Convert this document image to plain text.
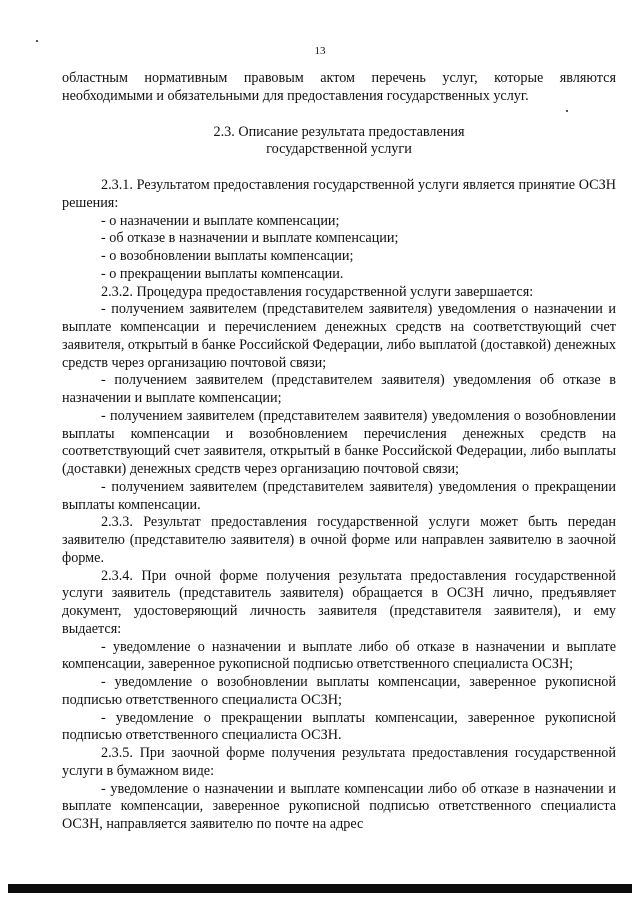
13

областным нормативным правовым актом перечень услуг, которые являются необходимыми и обязательными для предоставления государственных услуг.

2.3. Описание результата предоставления
государственной услуги

2.3.1. Результатом предоставления государственной услуги является принятие ОСЗН решения:

- о назначении и выплате компенсации;

- об отказе в назначении и выплате компенсации;

- о возобновлении выплаты компенсации;

- о прекращении выплаты компенсации.

2.3.2. Процедура предоставления государственной услуги завершается:

- получением заявителем (представителем заявителя) уведомления о назначении и выплате компенсации и перечислением денежных средств на соответствующий счет заявителя, открытый в банке Российской Федерации, либо выплатой (доставкой) денежных средств через организацию почтовой связи;

- получением заявителем (представителем заявителя) уведомления об отказе в назначении и выплате компенсации;

- получением заявителем (представителем заявителя) уведомления о возобновлении выплаты компенсации и возобновлением перечисления денежных средств на соответствующий счет заявителя, открытый в банке Российской Федерации, либо выплаты (доставки) денежных средств через организацию почтовой связи;

- получением заявителем (представителем заявителя) уведомления о прекращении выплаты компенсации.

2.3.3. Результат предоставления государственной услуги может быть передан заявителю (представителю заявителя) в очной форме или направлен заявителю в заочной форме.

2.3.4. При очной форме получения результата предоставления государственной услуги заявитель (представитель заявителя) обращается в ОСЗН лично, предъявляет документ, удостоверяющий личность заявителя (представителя заявителя), и ему выдается:

- уведомление о назначении и выплате либо об отказе в назначении и выплате компенсации, заверенное рукописной подписью ответственного специалиста ОСЗН;

- уведомление о возобновлении выплаты компенсации, заверенное рукописной подписью ответственного специалиста ОСЗН;

- уведомление о прекращении выплаты компенсации, заверенное рукописной подписью ответственного специалиста ОСЗН.

2.3.5. При заочной форме получения результата предоставления государственной услуги в бумажном виде:

- уведомление о назначении и выплате компенсации либо об отказе в назначении и выплате компенсации, заверенное рукописной подписью ответственного специалиста ОСЗН, направляется заявителю по почте на адрес
